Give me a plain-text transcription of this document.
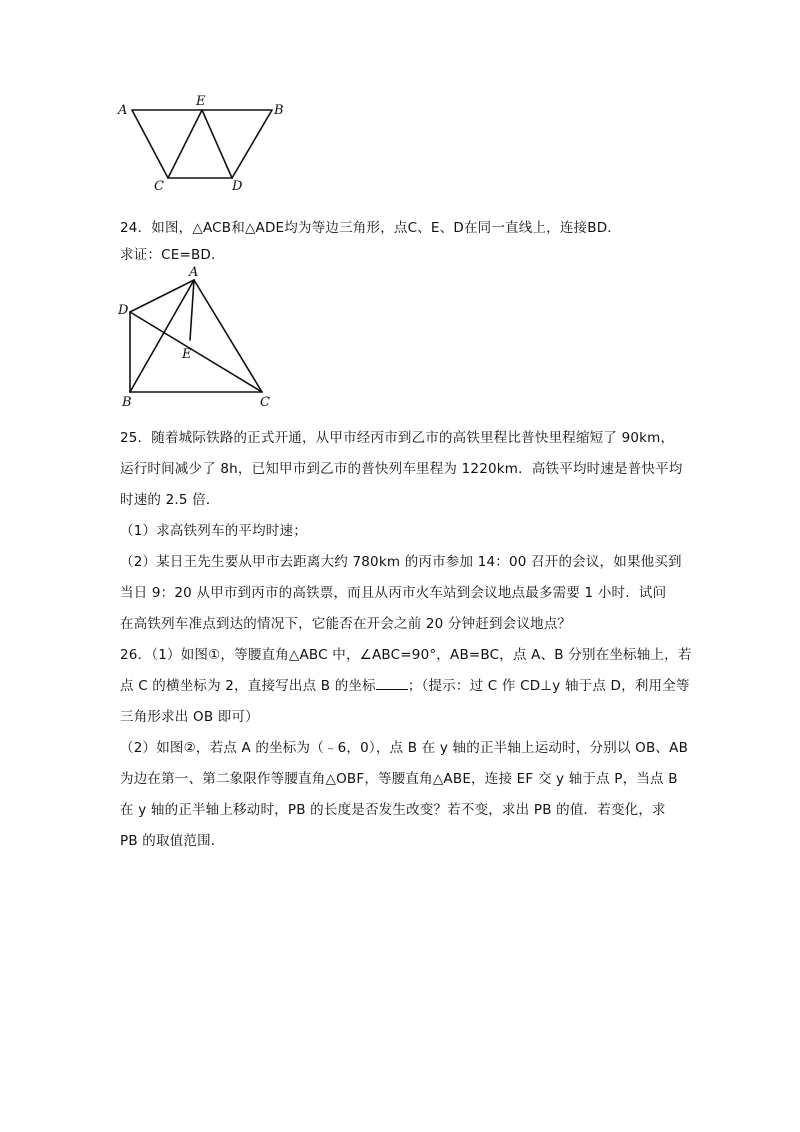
A
E
B
C	D
24．如图，△ACB和△ADE均为等边三角形，点C、E、D在同一直线上，连接BD．
求证：CE=BD．
A
D
E
B	C
25．随着城际铁路的正式开通，从甲市经丙市到乙市的高铁里程比普快里程缩短了 90km，
运行时间减少了 8h，已知甲市到乙市的普快列车里程为 1220km．高铁平均时速是普快平均
时速的 2.5 倍．
（1）求高铁列车的平均时速；
（2）某日王先生要从甲市去距离大约 780km 的丙市参加 14：00 召开的会议，如果他买到
当日 9：20 从甲市到丙市的高铁票，而且从丙市火车站到会议地点最多需要 1 小时．试问
在高铁列车准点到达的情况下，它能否在开会之前 20 分钟赶到会议地点？
26．（1）如图①，等腰直角△ABC 中，∠ABC=90°，AB=BC，点 A、B 分别在坐标轴上，若
点 C 的横坐标为 2，直接写出点 B 的坐标 ；（提示：过 C 作 CD⊥y 轴于点 D，利用全等
三角形求出 OB 即可）
（2）如图②，若点 A 的坐标为（﹣6，0），点 B 在 y 轴的正半轴上运动时，分别以 OB、AB
为边在第一、第二象限作等腰直角△OBF，等腰直角△ABE，连接 EF 交 y 轴于点 P，当点 B
在 y 轴的正半轴上移动时，PB 的长度是否发生改变？若不变，求出 PB 的值．若变化，求
PB 的取值范围．
